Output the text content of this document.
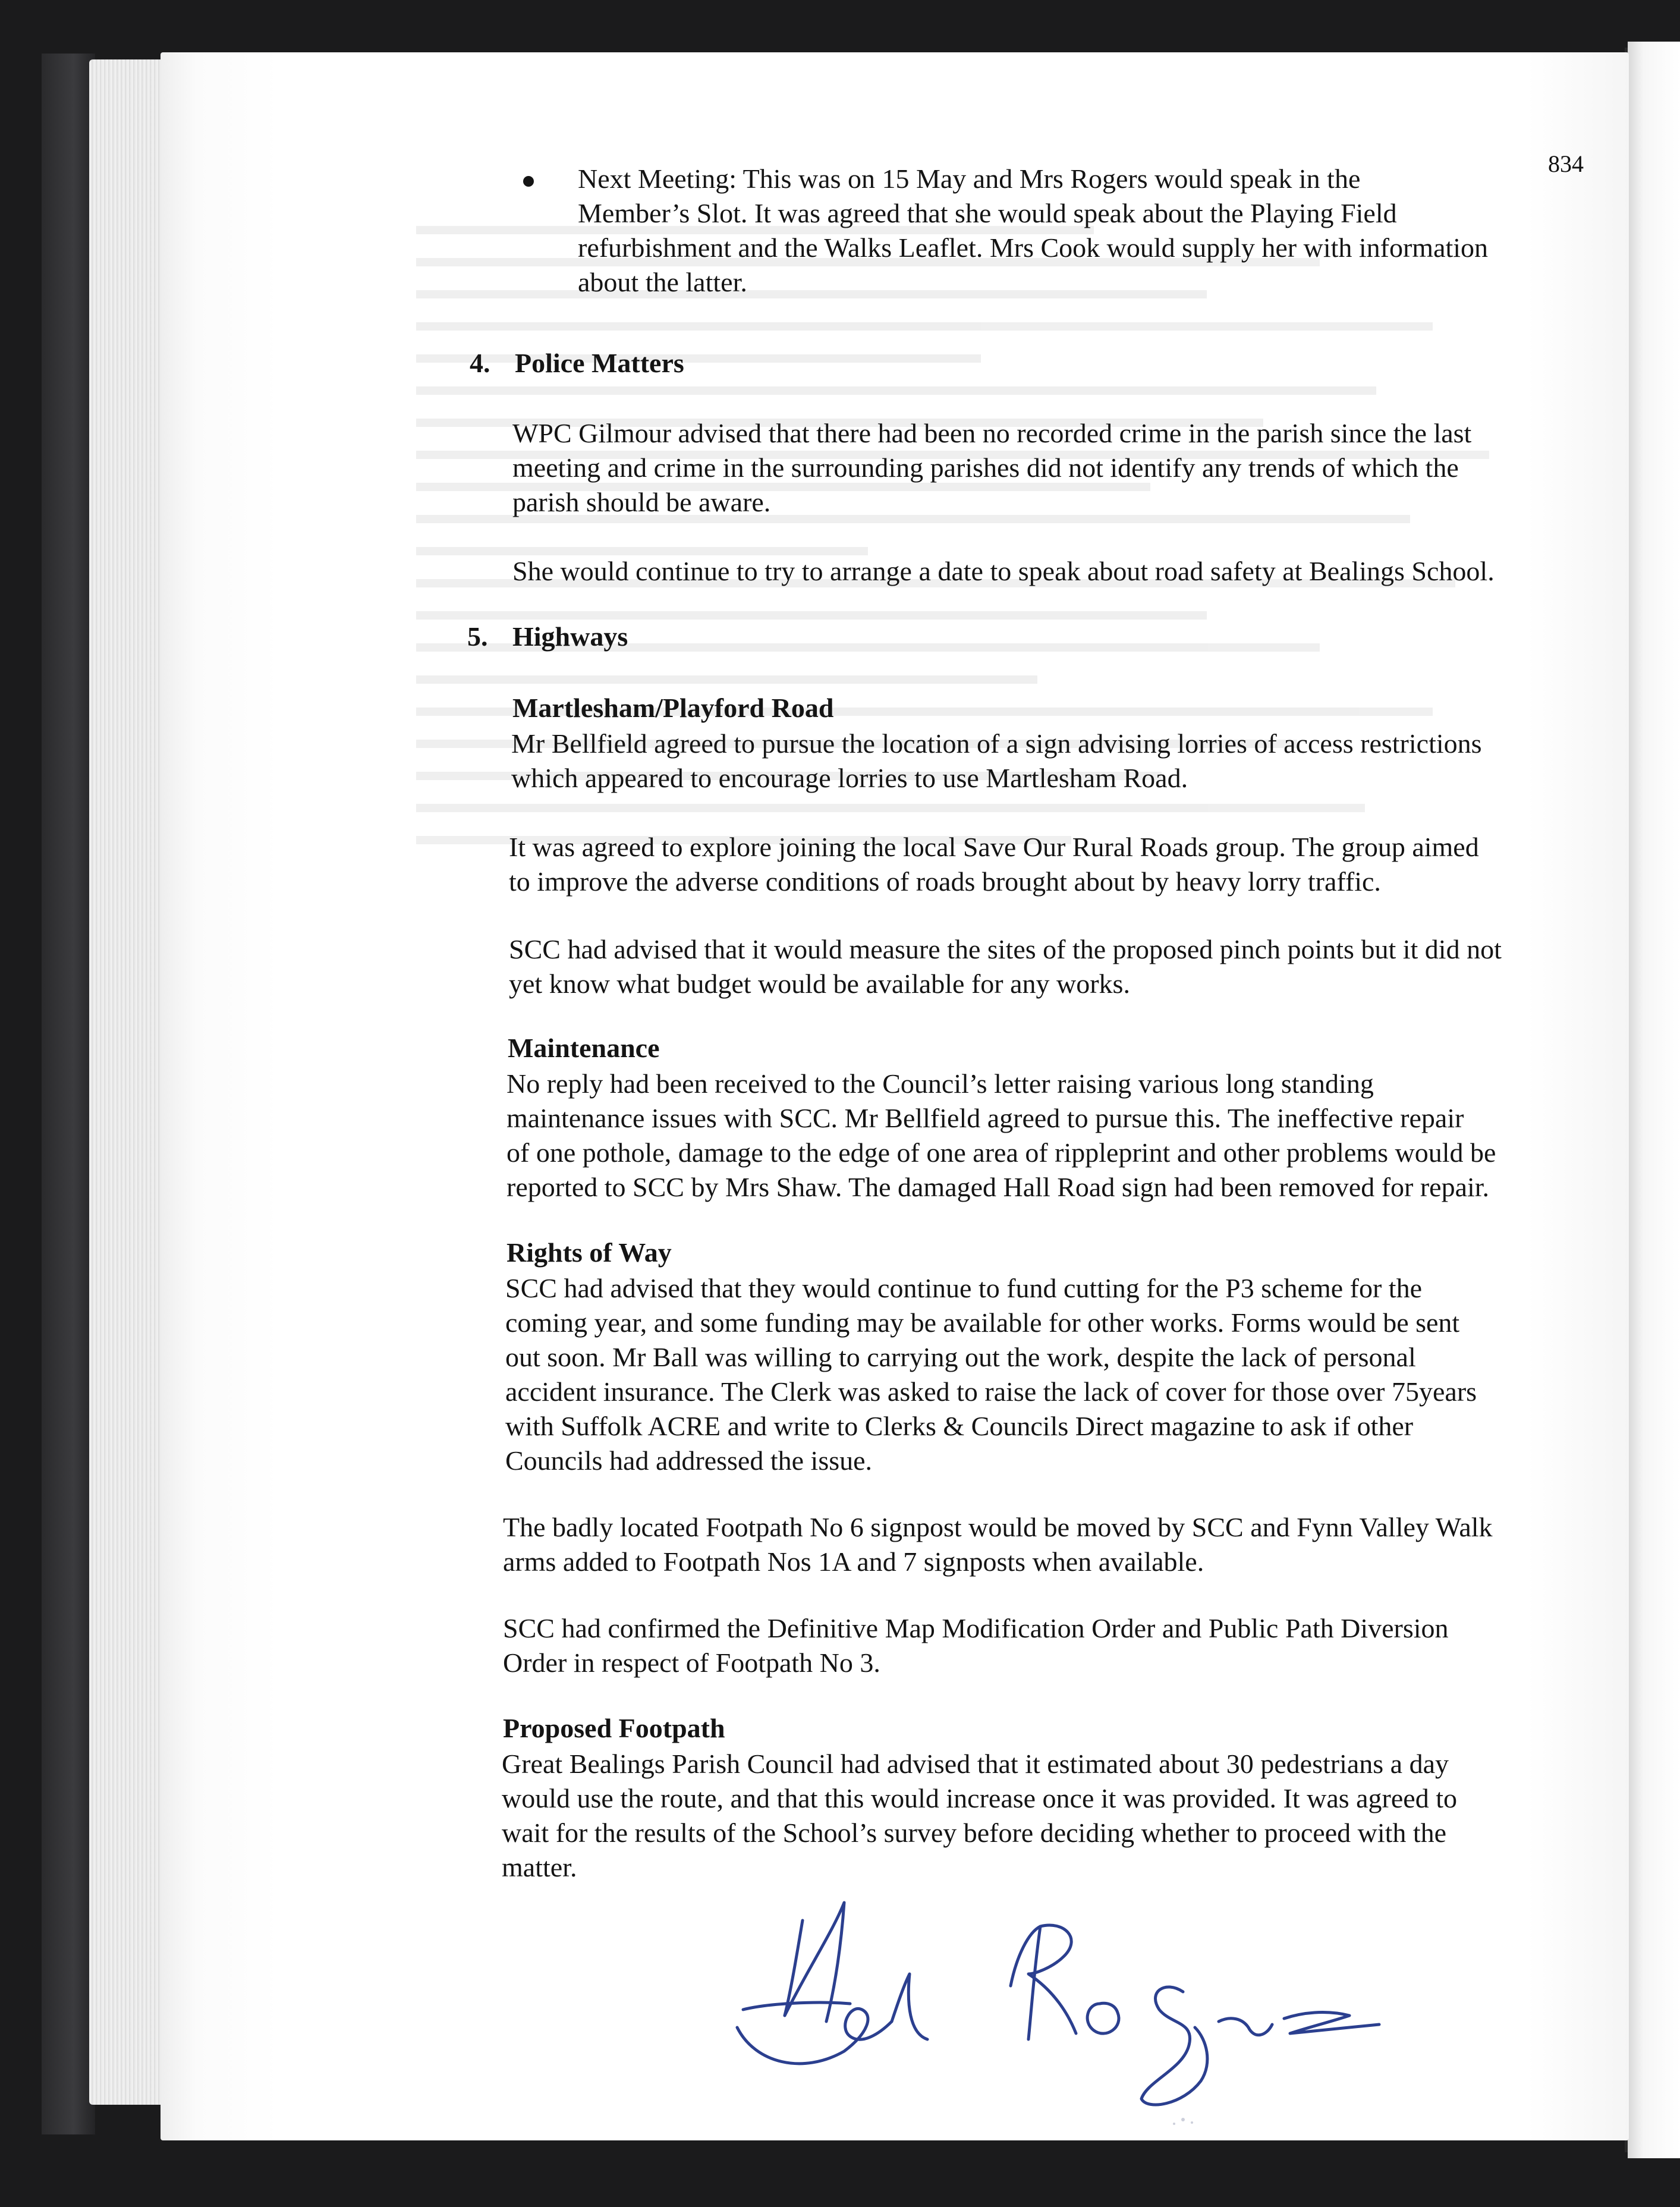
834

Next Meeting: This was on 15 May and Mrs Rogers would speak in the
Member’s Slot. It was agreed that she would speak about the Playing Field
refurbishment and the Walks Leaflet. Mrs Cook would supply her with information
about the latter.

4. Police Matters

WPC Gilmour advised that there had been no recorded crime in the parish since the last
meeting and crime in the surrounding parishes did not identify any trends of which the
parish should be aware.

She would continue to try to arrange a date to speak about road safety at Bealings School.

5. Highways

Martlesham/Playford Road

Mr Bellfield agreed to pursue the location of a sign advising lorries of access restrictions
which appeared to encourage lorries to use Martlesham Road.

It was agreed to explore joining the local Save Our Rural Roads group. The group aimed
to improve the adverse conditions of roads brought about by heavy lorry traffic.

SCC had advised that it would measure the sites of the proposed pinch points but it did not
yet know what budget would be available for any works.

Maintenance

No reply had been received to the Council’s letter raising various long standing
maintenance issues with SCC. Mr Bellfield agreed to pursue this. The ineffective repair
of one pothole, damage to the edge of one area of rippleprint and other problems would be
reported to SCC by Mrs Shaw. The damaged Hall Road sign had been removed for repair.

Rights of Way

SCC had advised that they would continue to fund cutting for the P3 scheme for the
coming year, and some funding may be available for other works. Forms would be sent
out soon. Mr Ball was willing to carrying out the work, despite the lack of personal
accident insurance. The Clerk was asked to raise the lack of cover for those over 75years
with Suffolk ACRE and write to Clerks & Councils Direct magazine to ask if other
Councils had addressed the issue.

The badly located Footpath No 6 signpost would be moved by SCC and Fynn Valley Walk
arms added to Footpath Nos 1A and 7 signposts when available.

SCC had confirmed the Definitive Map Modification Order and Public Path Diversion
Order in respect of Footpath No 3.

Proposed Footpath

Great Bealings Parish Council had advised that it estimated about 30 pedestrians a day
would use the route, and that this would increase once it was provided. It was agreed to
wait for the results of the School’s survey before deciding whether to proceed with the
matter.
